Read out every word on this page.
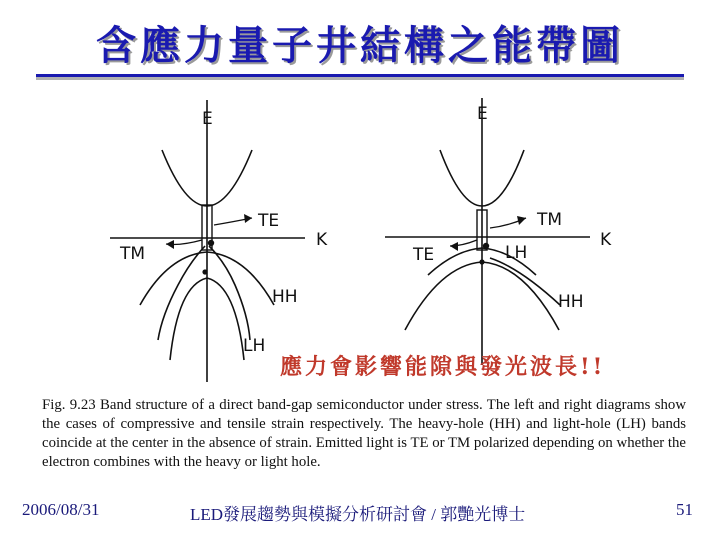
含應力量子井結構之能帶圖
E
K
TE
TM
HH
LH
E
K
TM
TE	LH
HH
應力會影響能隙與發光波長!!
Fig. 9.23 Band structure of a direct band-gap semiconductor under stress. The left and right diagrams show the cases of compressive and tensile strain respectively. The heavy-hole (HH) and light-hole (LH) bands coincide at the center in the absence of strain. Emitted light is TE or TM polarized depending on whether the electron combines with the heavy or light hole.
2006/08/31	LED發展趨勢與模擬分析研討會 / 郭艷光博士	51
